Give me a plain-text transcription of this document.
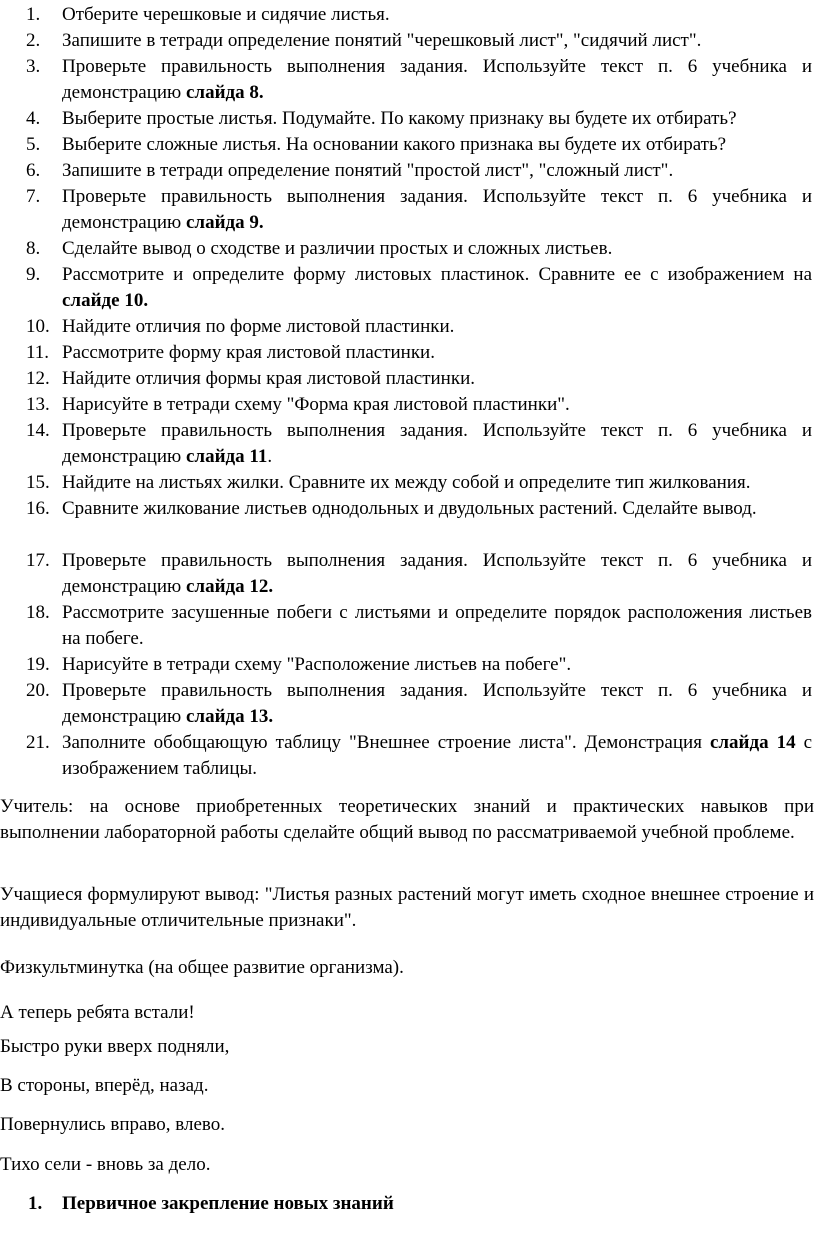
1.	Отберите черешковые и сидячие листья.
2.	Запишите в тетради определение понятий "черешковый лист", "сидячий лист".
3.	Проверьте правильность выполнения задания. Используйте текст п. 6 учебника и демонстрацию слайда 8.
4.	Выберите простые листья. Подумайте. По какому признаку вы будете их отбирать?
5.	Выберите сложные листья. На основании какого признака вы будете их отбирать?
6.	Запишите в тетради определение понятий "простой лист", "сложный лист".
7.	Проверьте правильность выполнения задания. Используйте текст п. 6 учебника и демонстрацию слайда 9.
8.	Сделайте вывод о сходстве и различии простых и сложных листьев.
9.	Рассмотрите и определите форму листовых пластинок. Сравните ее с изображением на слайде 10.
10. Найдите отличия по форме листовой пластинки.
11. Рассмотрите форму края листовой пластинки.
12. Найдите отличия формы края листовой пластинки.
13. Нарисуйте в тетради схему "Форма края листовой пластинки".
14. Проверьте правильность выполнения задания. Используйте текст п. 6 учебника и демонстрацию слайда 11.
15. Найдите на листьях жилки. Сравните их между собой и определите тип жилкования.
16. Сравните жилкование листьев однодольных и двудольных растений. Сделайте вывод.
17. Проверьте правильность выполнения задания. Используйте текст п. 6 учебника и демонстрацию слайда 12.
18. Рассмотрите засушенные побеги с листьями и определите порядок расположения листьев на побеге.
19. Нарисуйте в тетради схему "Расположение листьев на побеге".
20. Проверьте правильность выполнения задания. Используйте текст п. 6 учебника и демонстрацию слайда 13.
21. Заполните обобщающую таблицу "Внешнее строение листа". Демонстрация слайда 14 с изображением таблицы.
Учитель: на основе приобретенных теоретических знаний и практических навыков при выполнении лабораторной работы сделайте общий вывод по рассматриваемой учебной проблеме.
Учащиеся формулируют вывод: "Листья разных растений могут иметь сходное внешнее строение и индивидуальные отличительные признаки".
Физкультминутка (на общее развитие организма).
А теперь ребята встали!
Быстро руки вверх подняли,
В стороны, вперёд, назад.
Повернулись вправо, влево.
Тихо сели - вновь за дело.
1. Первичное закрепление новых знаний
